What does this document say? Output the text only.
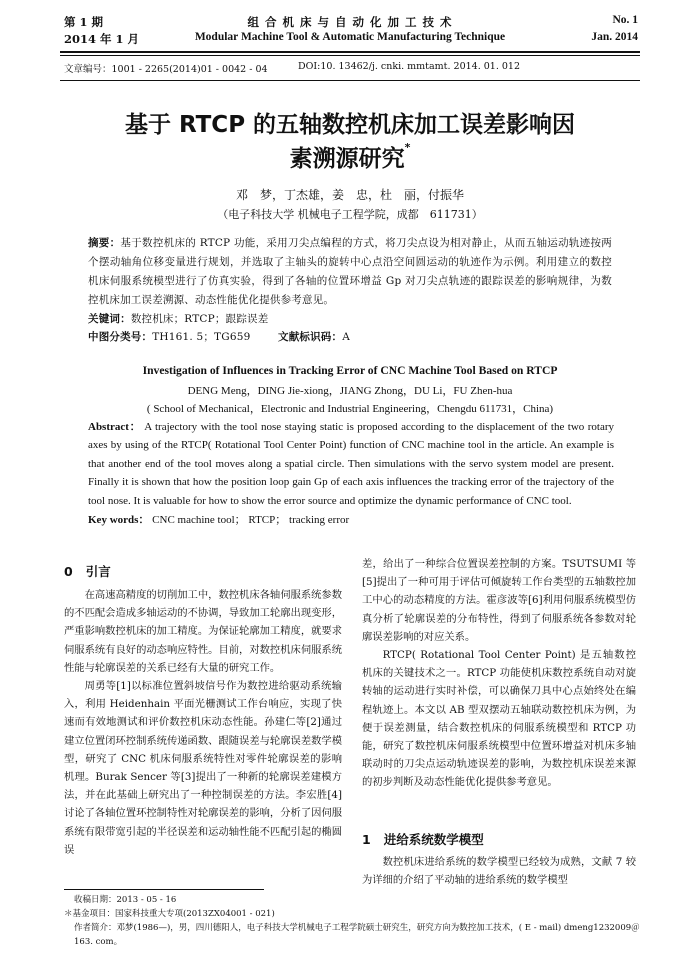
第 1 期
2014 年 1 月
组 合 机 床 与 自 动 化 加 工 技 术
Modular Machine Tool & Automatic Manufacturing Technique
No. 1
Jan. 2014
文章编号：1001 - 2265(2014)01 - 0042 - 04	DOI:10. 13462/j. cnki. mmtamt. 2014. 01. 012
基于 RTCP 的五轴数控机床加工误差影响因
素溯源研究*
邓　梦，丁杰雄，姜　忠，杜　丽，付振华
（电子科技大学 机械电子工程学院，成都　611731）
摘要：基于数控机床的 RTCP 功能，采用刀尖点编程的方式，将刀尖点设为相对静止，从而五轴运动轨迹按两个摆动轴角位移变量进行规划，并选取了主轴头的旋转中心点沿空间圆运动的轨迹作为示例。利用建立的数控机床伺服系统模型进行了仿真实验，得到了各轴的位置环增益 Gp 对刀尖点轨迹的跟踪误差的影响规律，为数控机床加工误差溯源、动态性能优化提供参考意见。
关键词：数控机床；RTCP；跟踪误差
中图分类号：TH161. 5；TG659	文献标识码：A
Investigation of Influences in Tracking Error of CNC Machine Tool Based on RTCP
DENG Meng，DING Jie-xiong，JIANG Zhong，DU Li，FU Zhen-hua
( School of Mechanical，Electronic and Industrial Engineering，Chengdu 611731，China)
Abstract： A trajectory with the tool nose staying static is proposed according to the displacement of the two rotary axes by using of the RTCP( Rotational Tool Center Point) function of CNC machine tool in the article. An example is that another end of the tool moves along a spatial circle. Then simulations with the servo system model are present. Finally it is shown that how the position loop gain Gp of each axis influences the tracking error of the trajectory of the tool nose. It is valuable for how to show the error source and optimize the dynamic performance of CNC tool.
Key words： CNC machine tool； RTCP； tracking error
0 引言

在高速高精度的切削加工中，数控机床各轴伺服系统参数的不匹配会造成多轴运动的不协调，导致加工轮廓出现变形，严重影响数控机床的加工精度。为保证轮廓加工精度，就要求伺服系统有良好的动态响应特性。目前，对数控机床伺服系统性能与轮廓误差的关系已经有大量的研究工作。

周勇等[1]以标准位置斜坡信号作为数控进给驱动系统输入，利用 Heidenhain 平面光栅测试工作台响应，实现了快速而有效地测试和评价数控机床动态性能。孙建仁等[2]通过建立位置闭环控制系统传递函数、跟随误差与轮廓误差数学模型，研究了 CNC 机床伺服系统特性对零件轮廓误差的影响机理。Burak Sencer 等[3]提出了一种新的轮廓误差建模方法，并在此基础上研究出了一种控制误差的方法。李宏胜[4]讨论了各轴位置环控制特性对轮廓误差的影响，分析了因伺服系统有限带宽引起的半径误差和运动轴性能不匹配引起的椭圆误

差，给出了一种综合位置误差控制的方案。TSUTSUMI 等[5]提出了一种可用于评估可倾旋转工作台类型的五轴数控加工中心的动态精度的方法。霍彦波等[6]利用伺服系统模型仿真分析了轮廓误差的分布特性，得到了伺服系统各参数对轮廓误差影响的对应关系。

RTCP( Rotational Tool Center Point) 是五轴数控机床的关键技术之一。RTCP 功能使机床数控系统自动对旋转轴的运动进行实时补偿，可以确保刀具中心点始终处在编程轨迹上。本文以 AB 型双摆动五轴联动数控机床为例，为便于误差测量，结合数控机床的伺服系统模型和 RTCP 功能，研究了数控机床伺服系统模型中位置环增益对机床多轴联动时的刀尖点运动轨迹误差的影响，为数控机床误差来源的初步判断及动态性能优化提供参考意见。

1 进给系统数学模型

数控机床进给系统的数学模型已经较为成熟，文献 7 较为详细的介绍了平动轴的进给系统的数学模型

收稿日期：2013 - 05 - 16
＊基金项目：国家科技重大专项(2013ZX04001 - 021)
作者简介：邓梦(1986—)，男，四川德阳人，电子科技大学机械电子工程学院硕士研究生，研究方向为数控加工技术，( E - mail) dmeng1232009＠163. com。
